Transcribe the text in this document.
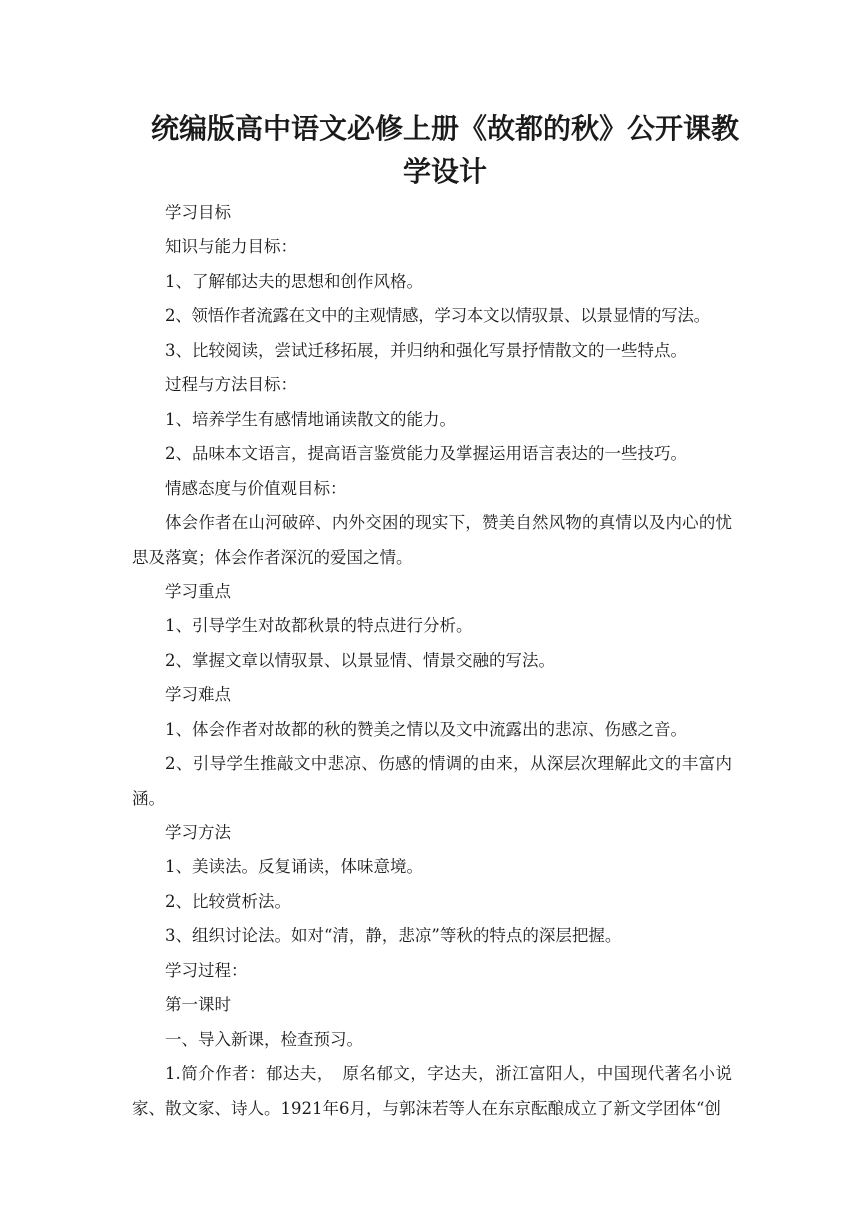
统编版高中语文必修上册《故都的秋》公开课教
学设计

学习目标

知识与能力目标：

1、了解郁达夫的思想和创作风格。

2、领悟作者流露在文中的主观情感，学习本文以情驭景、以景显情的写法。

3、比较阅读，尝试迁移拓展，并归纳和强化写景抒情散文的一些特点。

过程与方法目标：

1、培养学生有感情地诵读散文的能力。

2、品味本文语言，提高语言鉴赏能力及掌握运用语言表达的一些技巧。

情感态度与价值观目标：

体会作者在山河破碎、内外交困的现实下，赞美自然风物的真情以及内心的忧思及落寞；体会作者深沉的爱国之情。

学习重点

1、引导学生对故都秋景的特点进行分析。

2、掌握文章以情驭景、以景显情、情景交融的写法。

学习难点

1、体会作者对故都的秋的赞美之情以及文中流露出的悲凉、伤感之音。

2、引导学生推敲文中悲凉、伤感的情调的由来，从深层次理解此文的丰富内涵。

学习方法

1、美读法。反复诵读，体味意境。

2、比较赏析法。

3、组织讨论法。如对“清，静，悲凉”等秋的特点的深层把握。

学习过程：

第一课时

一、导入新课，检查预习。

1.简介作者：郁达夫，　原名郁文，字达夫，浙江富阳人，中国现代著名小说家、散文家、诗人。1921年6月，与郭沫若等人在东京酝酿成立了新文学团体“创
